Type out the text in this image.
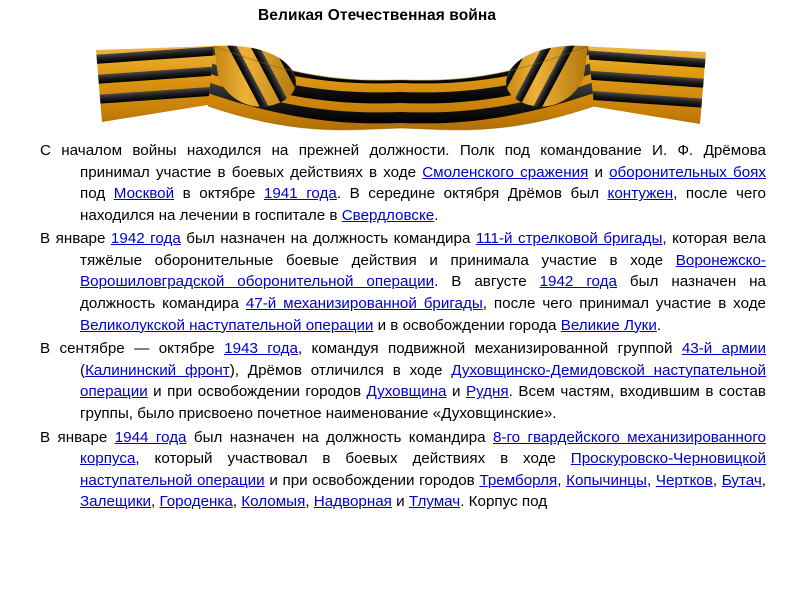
Великая Отечественная война

С началом войны находился на прежней должности. Полк под командование И. Ф. Дрёмова принимал участие в боевых действиях в ходе Смоленского сражения и оборонительных боях под Москвой в октябре 1941 года. В середине октября Дрёмов был контужен, после чего находился на лечении в госпитале в Свердловске.

В январе 1942 года был назначен на должность командира 111-й стрелковой бригады, которая вела тяжёлые оборонительные боевые действия и принимала участие в ходе Воронежско-Ворошиловградской оборонительной операции. В августе 1942 года был назначен на должность командира 47-й механизированной бригады, после чего принимал участие в ходе Великолукской наступательной операции и в освобождении города Великие Луки.

В сентябре — октябре 1943 года, командуя подвижной механизированной группой 43-й армии (Калининский фронт), Дрёмов отличился в ходе Духовщинско-Демидовской наступательной операции и при освобождении городов Духовщина и Рудня. Всем частям, входившим в состав группы, было присвоено почетное наименование «Духовщинские».

В январе 1944 года был назначен на должность командира 8-го гвардейского механизированного корпуса, который участвовал в боевых действиях в ходе Проскуровско-Черновицкой наступательной операции и при освобождении городов Тремборля, Копычинцы, Чертков, Бутач, Залещики, Городенка, Коломыя, Надворная и Тлумач. Корпус под
